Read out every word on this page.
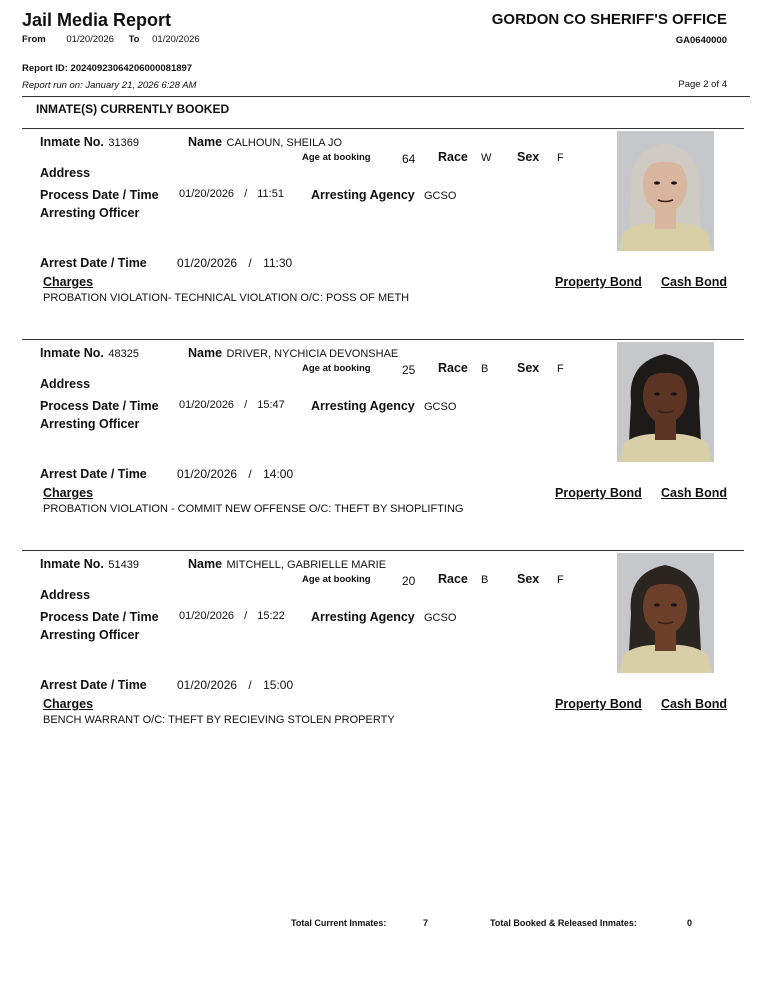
Jail Media Report
From 01/20/2026 To 01/20/2026
GORDON CO SHERIFF'S OFFICE
GA0640000
Report ID: 20240923064206000081897
Report run on: January 21, 2026 6:28 AM	Page 2 of 4
INMATE(S) CURRENTLY BOOKED
Inmate No. 31369	Name CALHOUN, SHEILA JO
Age at booking	64 Race W Sex F
Address
Process Date / Time 01/20/2026 / 11:51 Arresting Agency GCSO
Arresting Officer
Arrest Date / Time	01/20/2026 / 11:30
Charges	Property Bond Cash Bond
PROBATION VIOLATION- TECHNICAL VIOLATION O/C: POSS OF METH
Inmate No. 48325	Name DRIVER, NYCHICIA DEVONSHAE
Age at booking	25 Race B Sex F
Address
Process Date / Time 01/20/2026 / 15:47 Arresting Agency GCSO
Arresting Officer
Arrest Date / Time	01/20/2026 / 14:00
Charges	Property Bond Cash Bond
PROBATION VIOLATION - COMMIT NEW OFFENSE O/C: THEFT BY SHOPLIFTING
Inmate No. 51439	Name MITCHELL, GABRIELLE MARIE
Age at booking	20 Race B Sex F
Address
Process Date / Time 01/20/2026 / 15:22 Arresting Agency GCSO
Arresting Officer
Arrest Date / Time	01/20/2026 / 15:00
Charges	Property Bond Cash Bond
BENCH WARRANT O/C: THEFT BY RECIEVING STOLEN PROPERTY
Total Current Inmates:	7	Total Booked & Released Inmates:	0
